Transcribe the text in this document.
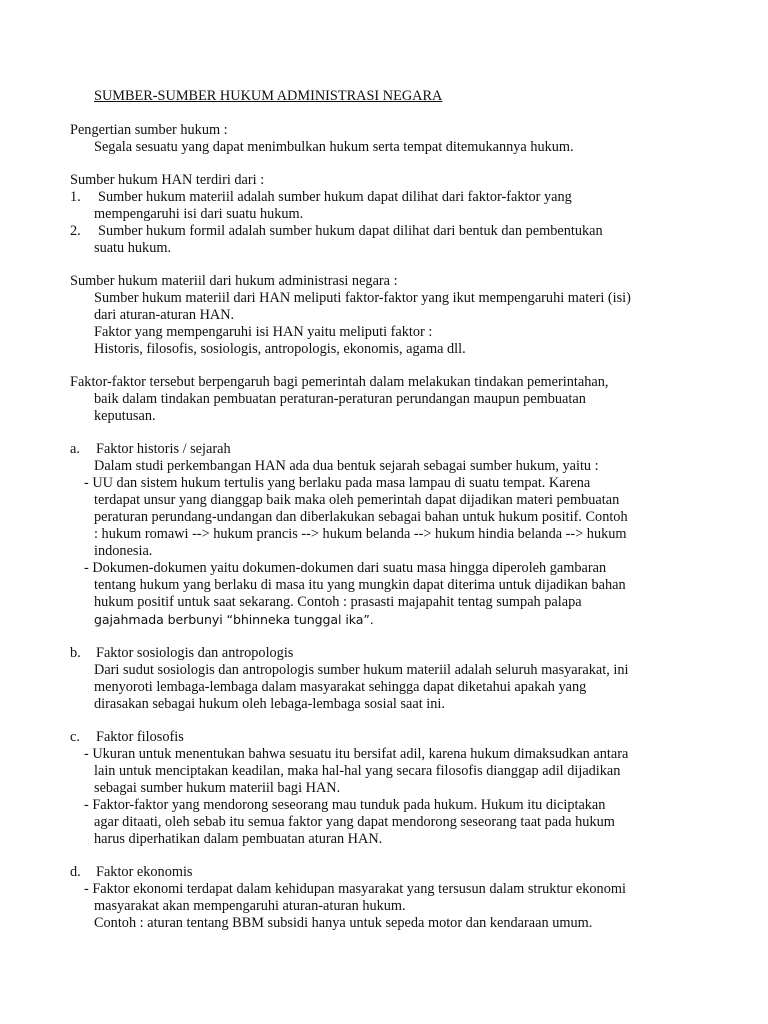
SUMBER-SUMBER HUKUM ADMINISTRASI NEGARA
Pengertian sumber hukum :
Segala sesuatu yang dapat menimbulkan hukum serta tempat ditemukannya hukum.
Sumber hukum HAN terdiri dari :
1. Sumber hukum materiil adalah sumber hukum dapat dilihat dari faktor-faktor yang
mempengaruhi isi dari suatu hukum.
2. Sumber hukum formil adalah sumber hukum dapat dilihat dari bentuk dan pembentukan
suatu hukum.
Sumber hukum materiil dari hukum administrasi negara :
Sumber hukum materiil dari HAN meliputi faktor-faktor yang ikut mempengaruhi materi (isi)
dari aturan-aturan HAN.
Faktor yang mempengaruhi isi HAN yaitu meliputi faktor :
Historis, filosofis, sosiologis, antropologis, ekonomis, agama dll.
Faktor-faktor tersebut berpengaruh bagi pemerintah dalam melakukan tindakan pemerintahan,
baik dalam tindakan pembuatan peraturan-peraturan perundangan maupun pembuatan
keputusan.
a. Faktor historis / sejarah
Dalam studi perkembangan HAN ada dua bentuk sejarah sebagai sumber hukum, yaitu :
- UU dan sistem hukum tertulis yang berlaku pada masa lampau di suatu tempat. Karena
terdapat unsur yang dianggap baik maka oleh pemerintah dapat dijadikan materi pembuatan
peraturan perundang-undangan dan diberlakukan sebagai bahan untuk hukum positif. Contoh
: hukum romawi --> hukum prancis --> hukum belanda --> hukum hindia belanda --> hukum
indonesia.
- Dokumen-dokumen yaitu dokumen-dokumen dari suatu masa hingga diperoleh gambaran
tentang hukum yang berlaku di masa itu yang mungkin dapat diterima untuk dijadikan bahan
hukum positif untuk saat sekarang. Contoh : prasasti majapahit tentag sumpah palapa
gajahmada berbunyi “bhinneka tunggal ika”.
b. Faktor sosiologis dan antropologis
Dari sudut sosiologis dan antropologis sumber hukum materiil adalah seluruh masyarakat, ini
menyoroti lembaga-lembaga dalam masyarakat sehingga dapat diketahui apakah yang
dirasakan sebagai hukum oleh lebaga-lembaga sosial saat ini.
c. Faktor filosofis
- Ukuran untuk menentukan bahwa sesuatu itu bersifat adil, karena hukum dimaksudkan antara
lain untuk menciptakan keadilan, maka hal-hal yang secara filosofis dianggap adil dijadikan
sebagai sumber hukum materiil bagi HAN.
- Faktor-faktor yang mendorong seseorang mau tunduk pada hukum. Hukum itu diciptakan
agar ditaati, oleh sebab itu semua faktor yang dapat mendorong seseorang taat pada hukum
harus diperhatikan dalam pembuatan aturan HAN.
d. Faktor ekonomis
- Faktor ekonomi terdapat dalam kehidupan masyarakat yang tersusun dalam struktur ekonomi
masyarakat akan mempengaruhi aturan-aturan hukum.
Contoh : aturan tentang BBM subsidi hanya untuk sepeda motor dan kendaraan umum.
